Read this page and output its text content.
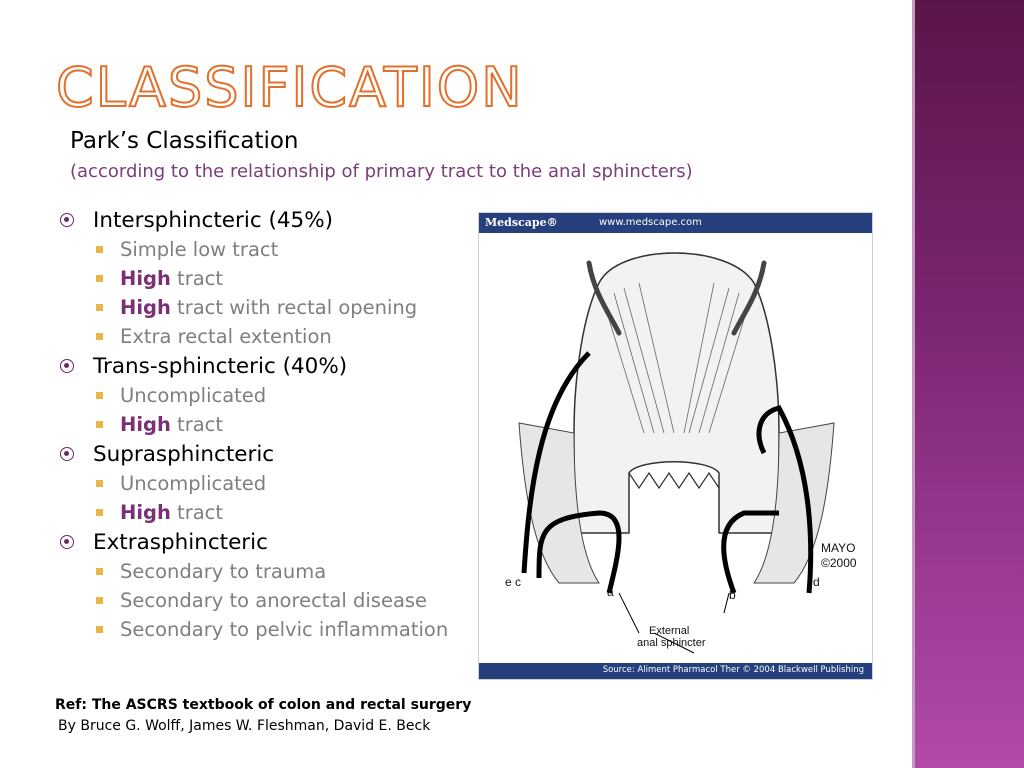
CLASSIFICATION
Park’s Classification
(according to the relationship of primary tract to the anal sphincters)
Intersphincteric (45%)
Simple low tract
High tract
High tract with rectal opening
Extra rectal extention
Trans-sphincteric (40%)
Uncomplicated
High tract
Suprasphincteric
Uncomplicated
High tract
Extrasphincteric
Secondary to trauma
Secondary to anorectal disease
Secondary to pelvic inflammation
Ref: The ASCRS textbook of colon and rectal surgery
By Bruce G. Wolff, James W. Fleshman, David E. Beck
Medscape®	www.medscape.com
e c
a	b
d
MAYO
©2000
External
anal sphincter
Source: Aliment Pharmacol Ther © 2004 Blackwell Publishing
